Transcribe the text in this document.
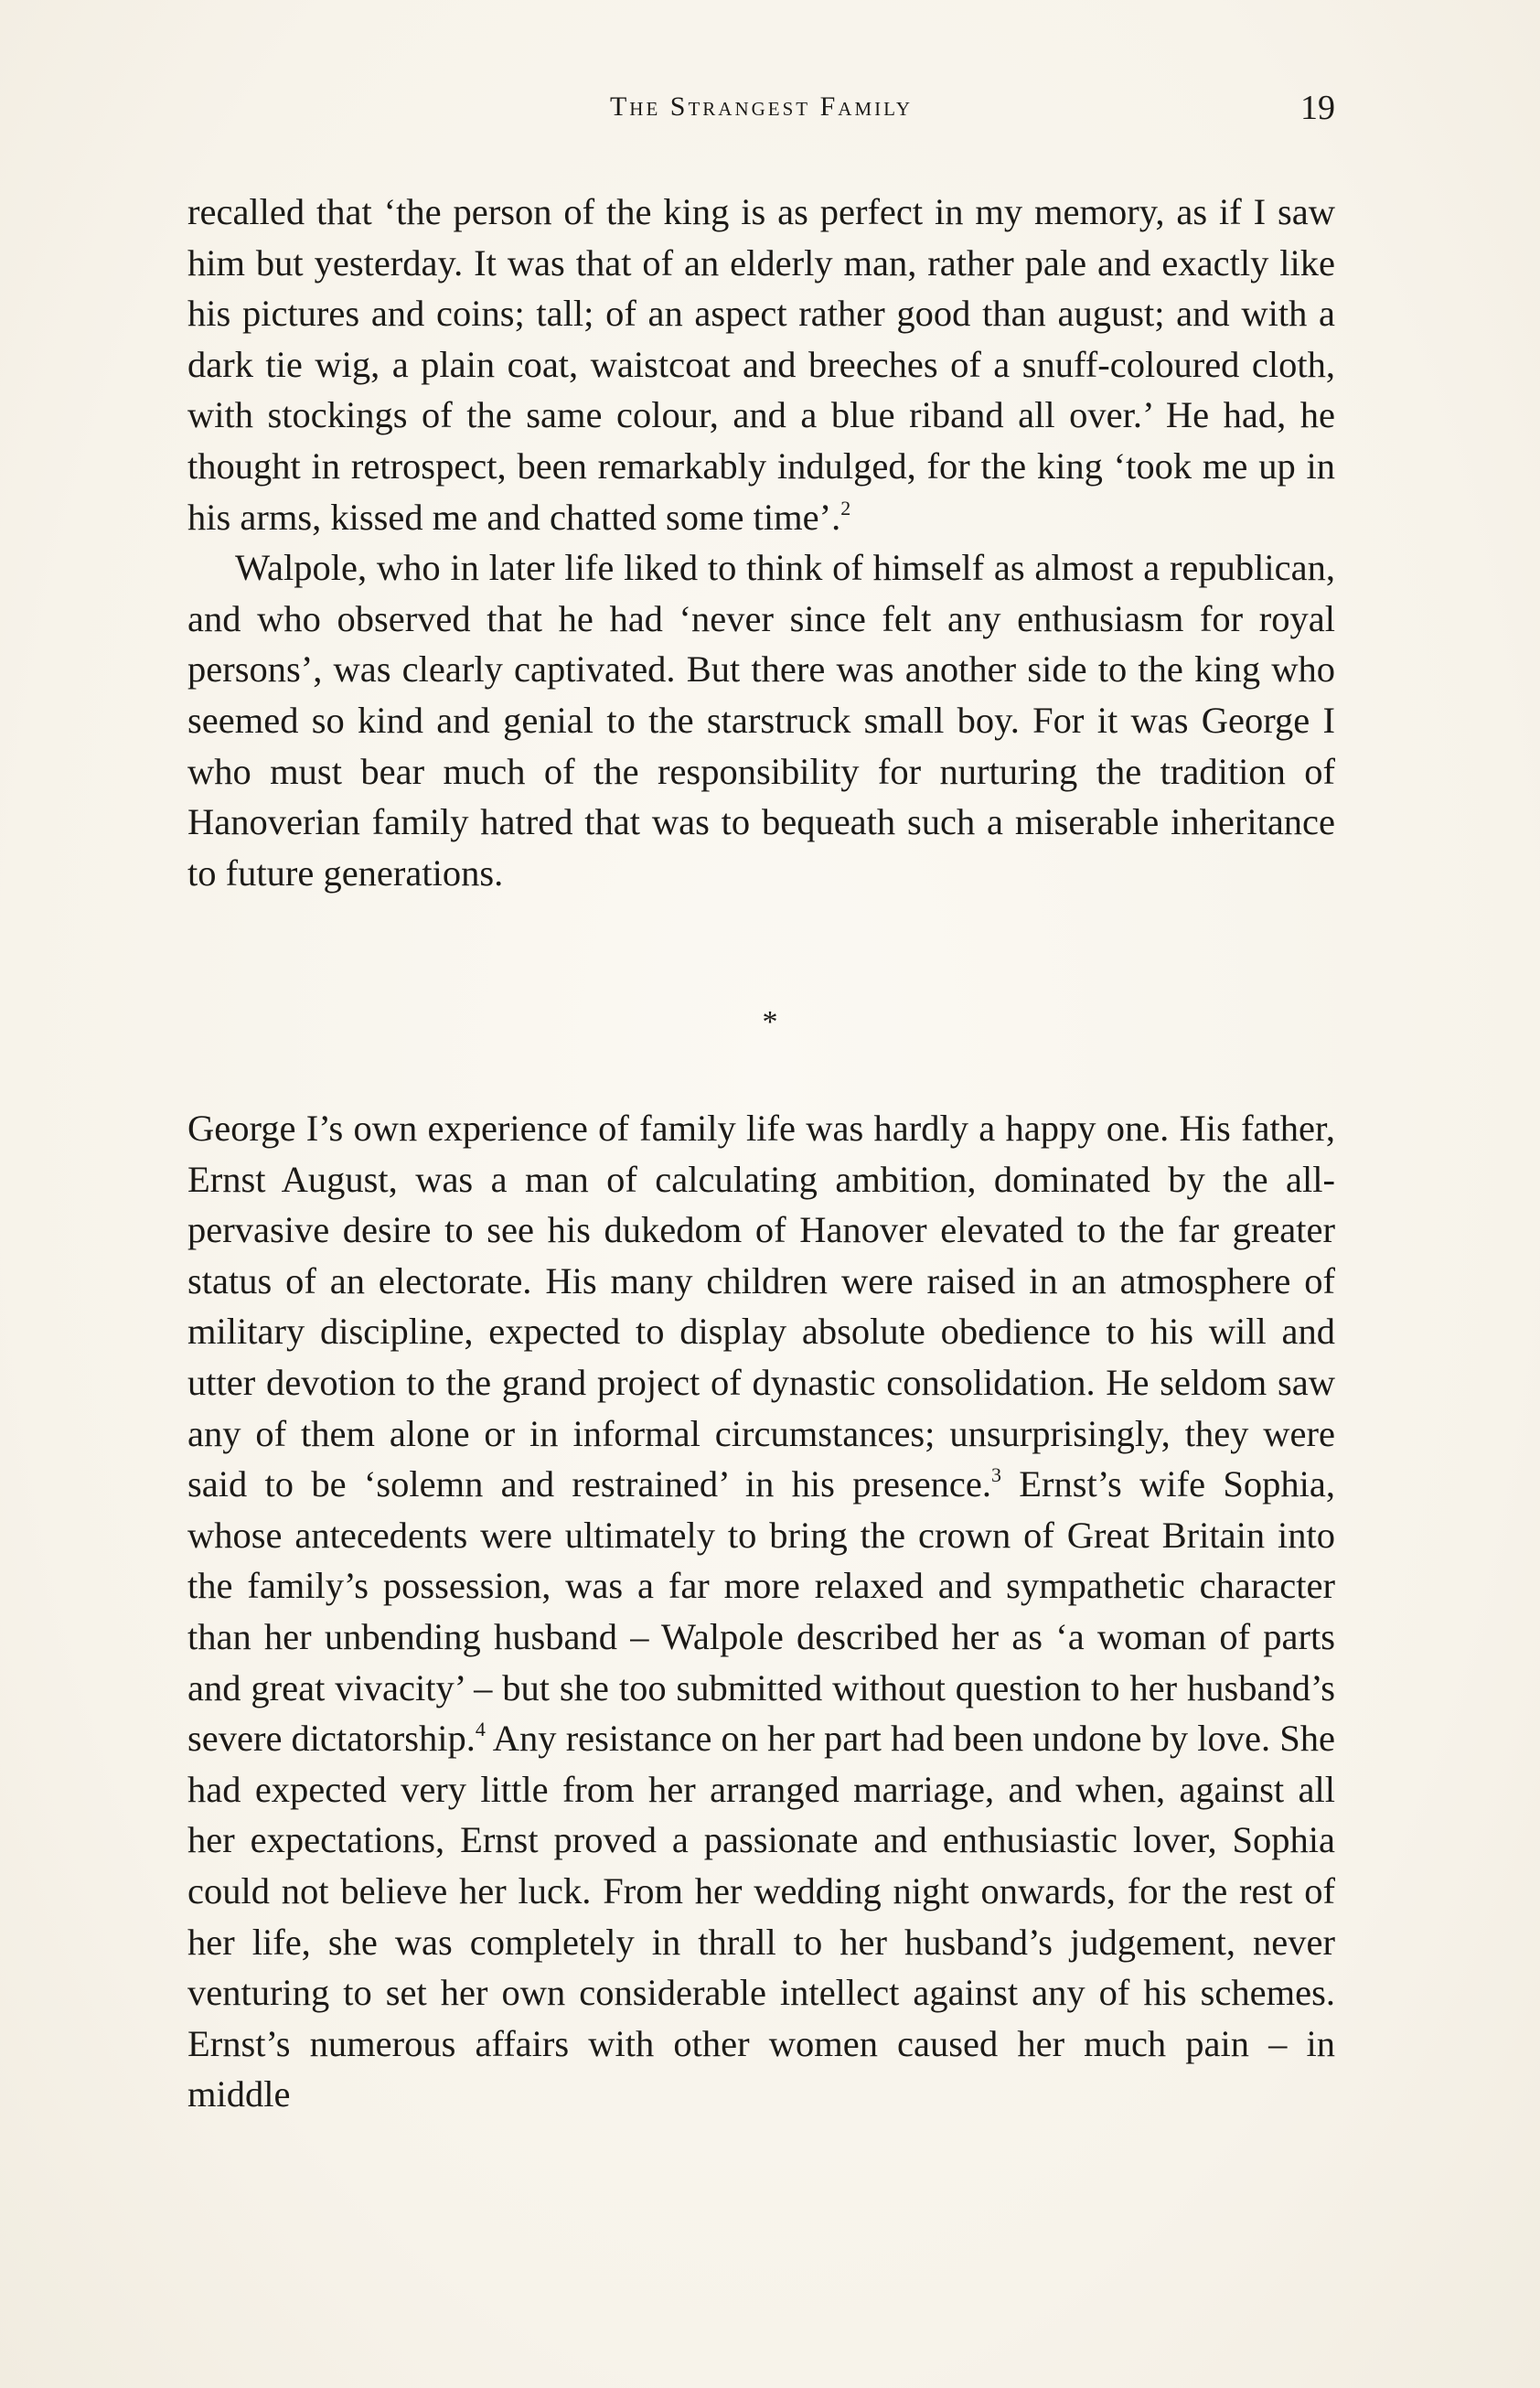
The Strangest Family	19

recalled that ‘the person of the king is as perfect in my memory, as if I saw him but yesterday. It was that of an elderly man, rather pale and exactly like his pictures and coins; tall; of an aspect rather good than august; and with a dark tie wig, a plain coat, waistcoat and breeches of a snuff-coloured cloth, with stockings of the same colour, and a blue riband all over.’ He had, he thought in retrospect, been remarkably indulged, for the king ‘took me up in his arms, kissed me and chatted some time’.$^2$

Walpole, who in later life liked to think of himself as almost a republican, and who observed that he had ‘never since felt any enthusiasm for royal persons’, was clearly captivated. But there was another side to the king who seemed so kind and genial to the starstruck small boy. For it was George I who must bear much of the responsibility for nurturing the tradition of Hanoverian family hatred that was to bequeath such a miserable inheritance to future generations.

*

George I’s own experience of family life was hardly a happy one. His father, Ernst August, was a man of calculating ambition, dominated by the all-pervasive desire to see his dukedom of Hanover elevated to the far greater status of an electorate. His many children were raised in an atmosphere of military discipline, expected to display absolute obedience to his will and utter devotion to the grand project of dynastic consolidation. He seldom saw any of them alone or in informal circumstances; unsurprisingly, they were said to be ‘solemn and restrained’ in his presence.$^3$ Ernst’s wife Sophia, whose antecedents were ultimately to bring the crown of Great Britain into the family’s possession, was a far more relaxed and sympathetic character than her unbending husband – Walpole described her as ‘a woman of parts and great vivacity’ – but she too submitted without question to her husband’s severe dictatorship.$^4$ Any resistance on her part had been undone by love. She had expected very little from her arranged marriage, and when, against all her expectations, Ernst proved a passionate and enthusiastic lover, Sophia could not believe her luck. From her wedding night onwards, for the rest of her life, she was completely in thrall to her husband’s judgement, never venturing to set her own considerable intellect against any of his schemes. Ernst’s numerous affairs with other women caused her much pain – in middle
